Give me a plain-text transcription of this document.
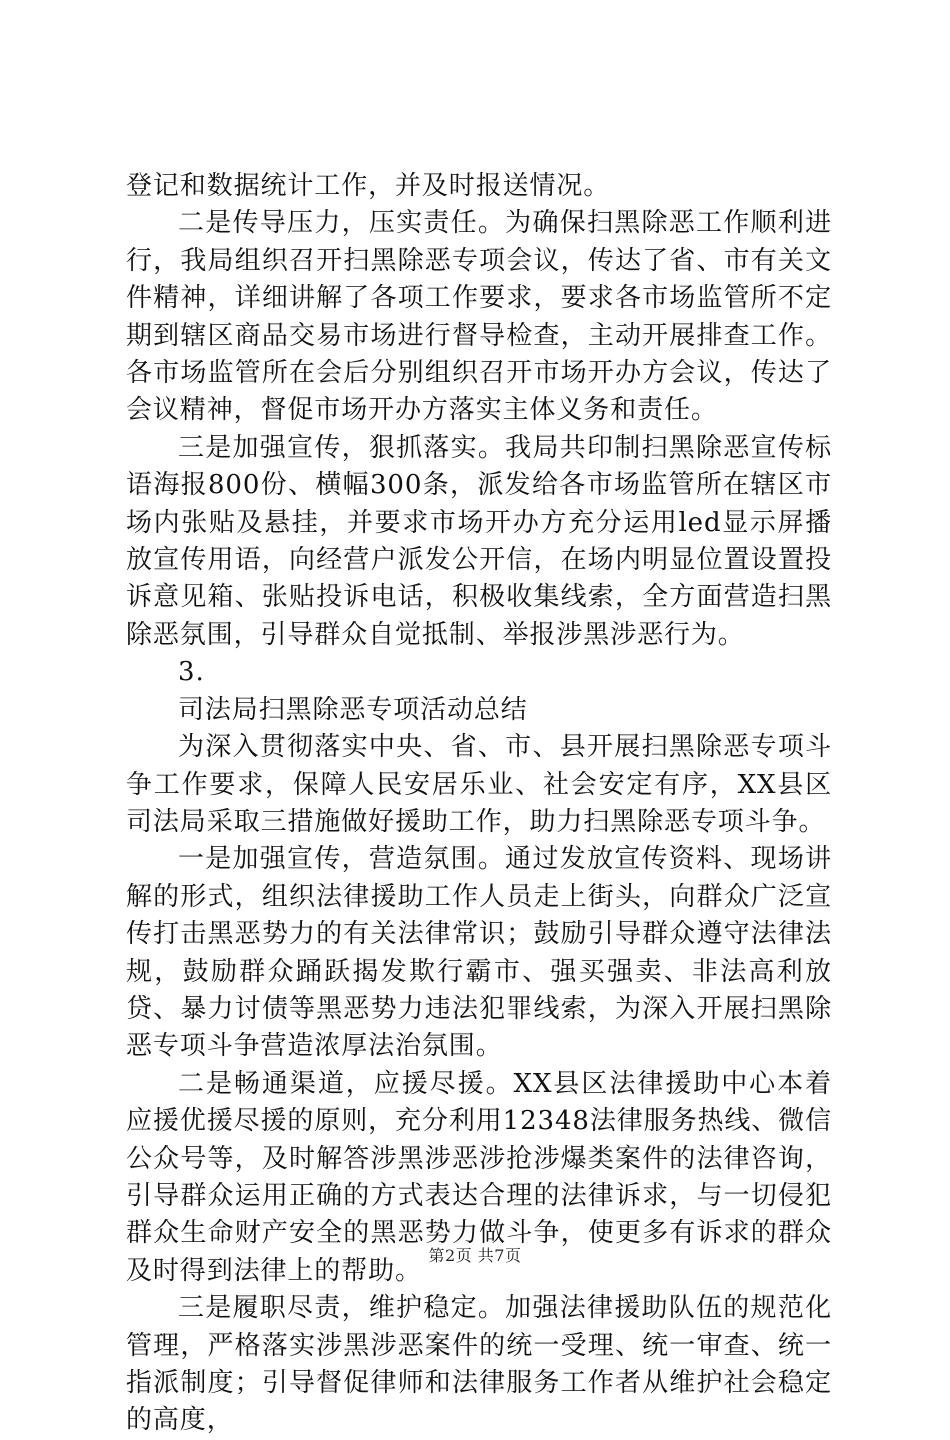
登记和数据统计工作，并及时报送情况。

二是传导压力，压实责任。为确保扫黑除恶工作顺利进行，我局组织召开扫黑除恶专项会议，传达了省、市有关文件精神，详细讲解了各项工作要求，要求各市场监管所不定期到辖区商品交易市场进行督导检查，主动开展排查工作。各市场监管所在会后分别组织召开市场开办方会议，传达了会议精神，督促市场开办方落实主体义务和责任。

三是加强宣传，狠抓落实。我局共印制扫黑除恶宣传标语海报800份、横幅300条，派发给各市场监管所在辖区市场内张贴及悬挂，并要求市场开办方充分运用led显示屏播放宣传用语，向经营户派发公开信，在场内明显位置设置投诉意见箱、张贴投诉电话，积极收集线索，全方面营造扫黑除恶氛围，引导群众自觉抵制、举报涉黑涉恶行为。

3.

司法局扫黑除恶专项活动总结

为深入贯彻落实中央、省、市、县开展扫黑除恶专项斗争工作要求，保障人民安居乐业、社会安定有序，XX县区司法局采取三措施做好援助工作，助力扫黑除恶专项斗争。

一是加强宣传，营造氛围。通过发放宣传资料、现场讲解的形式，组织法律援助工作人员走上街头，向群众广泛宣传打击黑恶势力的有关法律常识；鼓励引导群众遵守法律法规，鼓励群众踊跃揭发欺行霸市、强买强卖、非法高利放贷、暴力讨债等黑恶势力违法犯罪线索，为深入开展扫黑除恶专项斗争营造浓厚法治氛围。

二是畅通渠道，应援尽援。XX县区法律援助中心本着应援优援尽援的原则，充分利用12348法律服务热线、微信公众号等，及时解答涉黑涉恶涉抢涉爆类案件的法律咨询，引导群众运用正确的方式表达合理的法律诉求，与一切侵犯群众生命财产安全的黑恶势力做斗争，使更多有诉求的群众及时得到法律上的帮助。

三是履职尽责，维护稳定。加强法律援助队伍的规范化管理，严格落实涉黑涉恶案件的统一受理、统一审查、统一指派制度；引导督促律师和法律服务工作者从维护社会稳定的高度，

第2页 共7页
